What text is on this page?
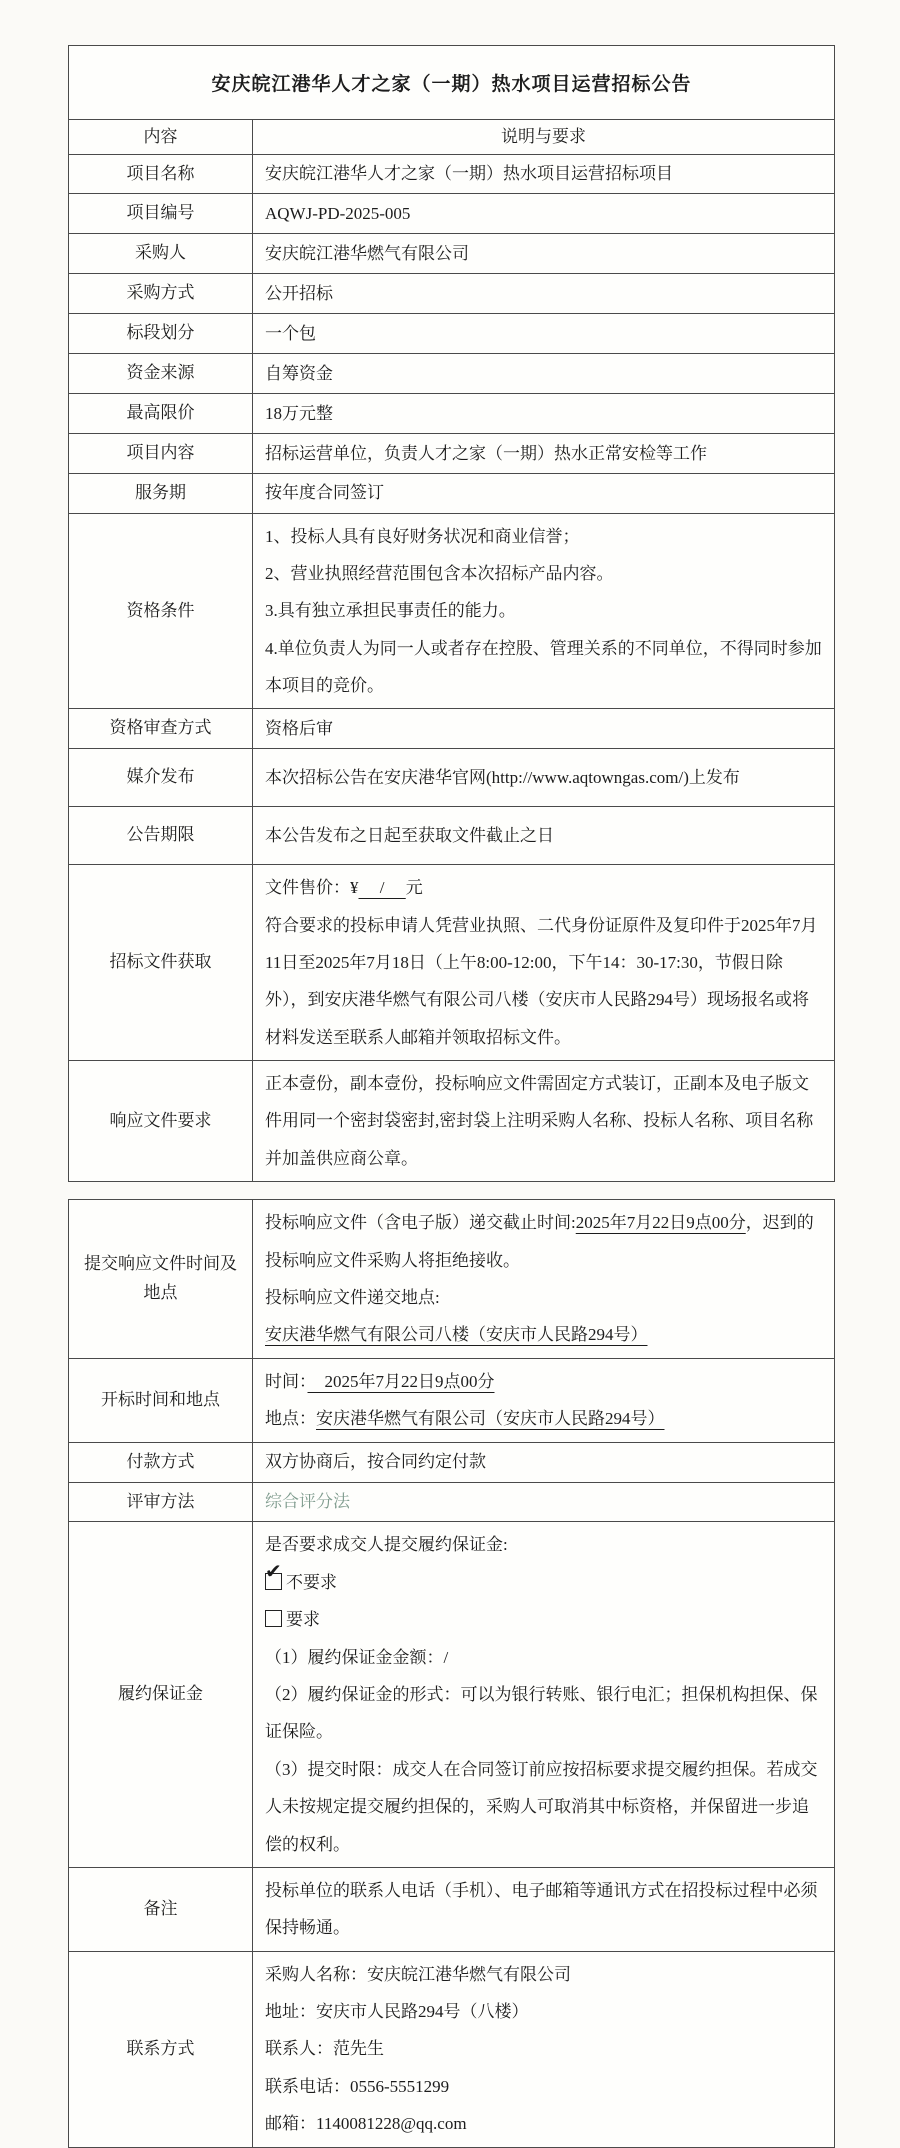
安庆皖江港华人才之家（一期）热水项目运营招标公告	
内容	说明与要求
项目名称	安庆皖江港华人才之家（一期）热水项目运营招标项目
项目编号	AQWJ-PD-2025-005
采购人	安庆皖江港华燃气有限公司
采购方式	公开招标
标段划分	一个包
资金来源	自筹资金
最高限价	18万元整
项目内容	招标运营单位，负责人才之家（一期）热水正常安检等工作
服务期	按年度合同签订
资格条件	1、投标人具有良好财务状况和商业信誉；

2、营业执照经营范围包含本次招标产品内容。

3.具有独立承担民事责任的能力。

4.单位负责人为同一人或者存在控股、管理关系的不同单位，不得同时参加本项目的竞价。

资格审查方式	资格后审
媒介发布	本次招标公告在安庆港华官网(http://www.aqtowngas.com/)上发布
公告期限	本公告发布之日起至获取文件截止之日
招标文件获取	文件售价：¥　 / 　元

符合要求的投标申请人凭营业执照、二代身份证原件及复印件于2025年7月11日至2025年7月18日（上午8:00-12:00，下午14：30-17:30，节假日除外），到安庆港华燃气有限公司八楼（安庆市人民路294号）现场报名或将材料发送至联系人邮箱并领取招标文件。

响应文件要求	正本壹份，副本壹份，投标响应文件需固定方式装订，正副本及电子版文件用同一个密封袋密封,密封袋上注明采购人名称、投标人名称、项目名称并加盖供应商公章。

提交响应文件时间及地点	投标响应文件（含电子版）递交截止时间:2025年7月22日9点00分，迟到的投标响应文件采购人将拒绝接收。

投标响应文件递交地点:安庆港华燃气有限公司八楼（安庆市人民路294号）

开标时间和地点	时间：　2025年7月22日9点00分

地点：安庆港华燃气有限公司（安庆市人民路294号）

付款方式	双方协商后，按合同约定付款
评审方法	综合评分法
履约保证金	

是否要求成交人提交履约保证金:

✔ 不要求

要求

（1）履约保证金金额：/

（2）履约保证金的形式：可以为银行转账、银行电汇；担保机构担保、保证保险。

（3）提交时限：成交人在合同签订前应按招标要求提交履约担保。若成交人未按规定提交履约担保的，采购人可取消其中标资格，并保留进一步追偿的权利。

备注	投标单位的联系人电话（手机）、电子邮箱等通讯方式在招投标过程中必须保持畅通。

联系方式	采购人名称：安庆皖江港华燃气有限公司

地址：安庆市人民路294号（八楼）

联系人：范先生

联系电话：0556-5551299

邮箱：1140081228@qq.com
